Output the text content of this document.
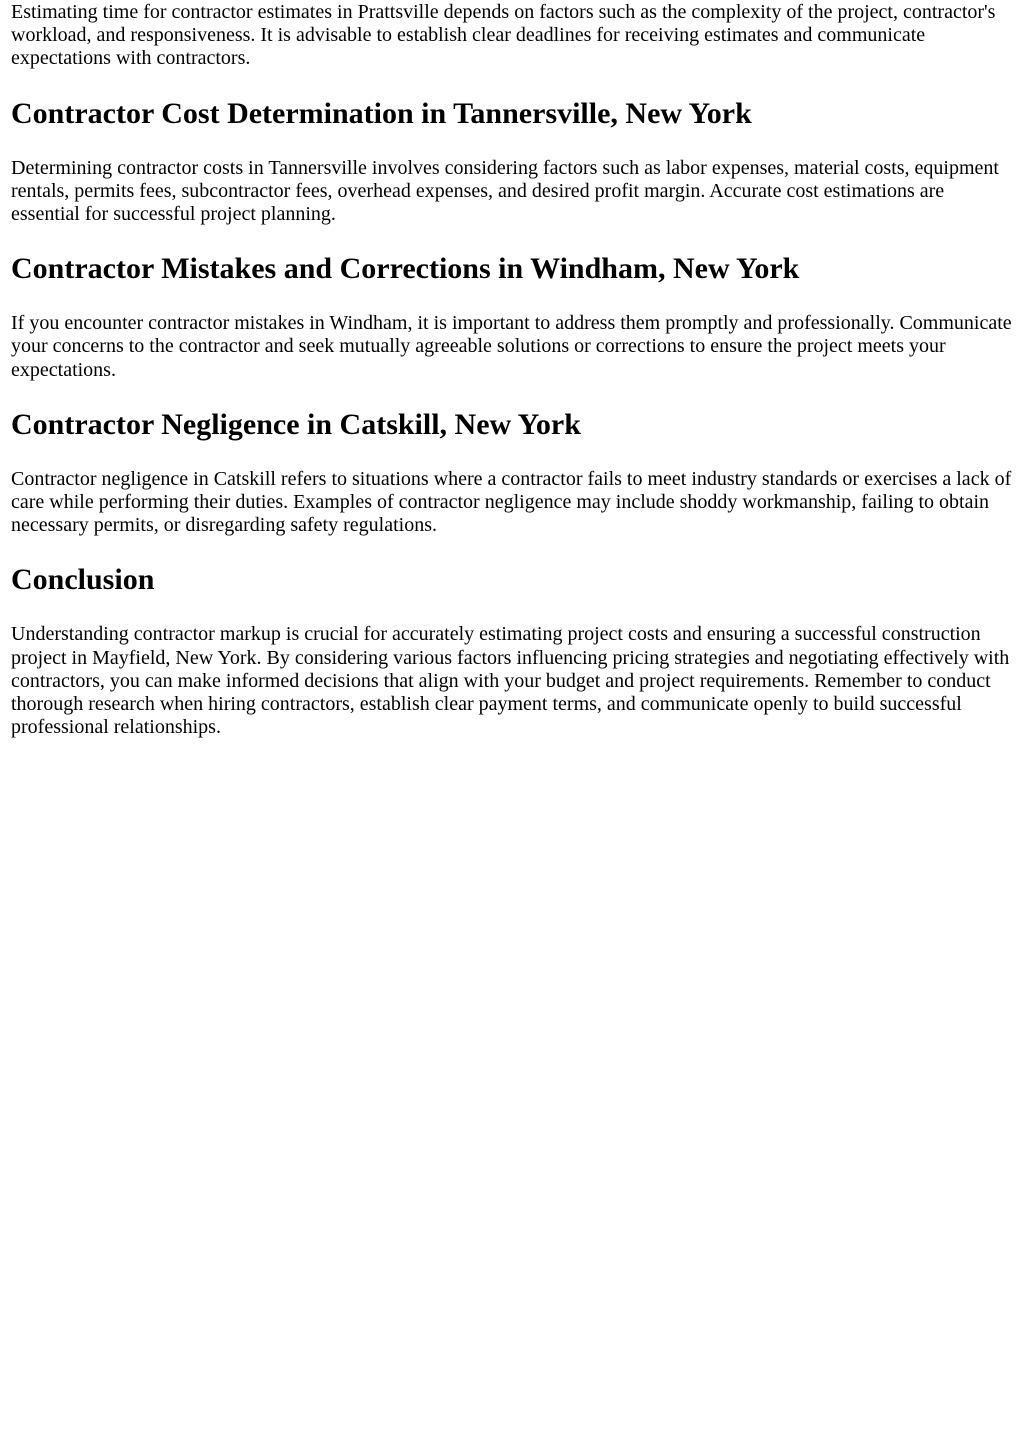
Estimating time for contractor estimates in Prattsville depends on factors such as the complexity of the project, contractor's workload, and responsiveness. It is advisable to establish clear deadlines for receiving estimates and communicate expectations with contractors.

Contractor Cost Determination in Tannersville, New York

Determining contractor costs in Tannersville involves considering factors such as labor expenses, material costs, equipment rentals, permits fees, subcontractor fees, overhead expenses, and desired profit margin. Accurate cost estimations are essential for successful project planning.

Contractor Mistakes and Corrections in Windham, New York

If you encounter contractor mistakes in Windham, it is important to address them promptly and professionally. Communicate your concerns to the contractor and seek mutually agreeable solutions or corrections to ensure the project meets your expectations.

Contractor Negligence in Catskill, New York

Contractor negligence in Catskill refers to situations where a contractor fails to meet industry standards or exercises a lack of care while performing their duties. Examples of contractor negligence may include shoddy workmanship, failing to obtain necessary permits, or disregarding safety regulations.

Conclusion

Understanding contractor markup is crucial for accurately estimating project costs and ensuring a successful construction project in Mayfield, New York. By considering various factors influencing pricing strategies and negotiating effectively with contractors, you can make informed decisions that align with your budget and project requirements. Remember to conduct thorough research when hiring contractors, establish clear payment terms, and communicate openly to build successful professional relationships.
